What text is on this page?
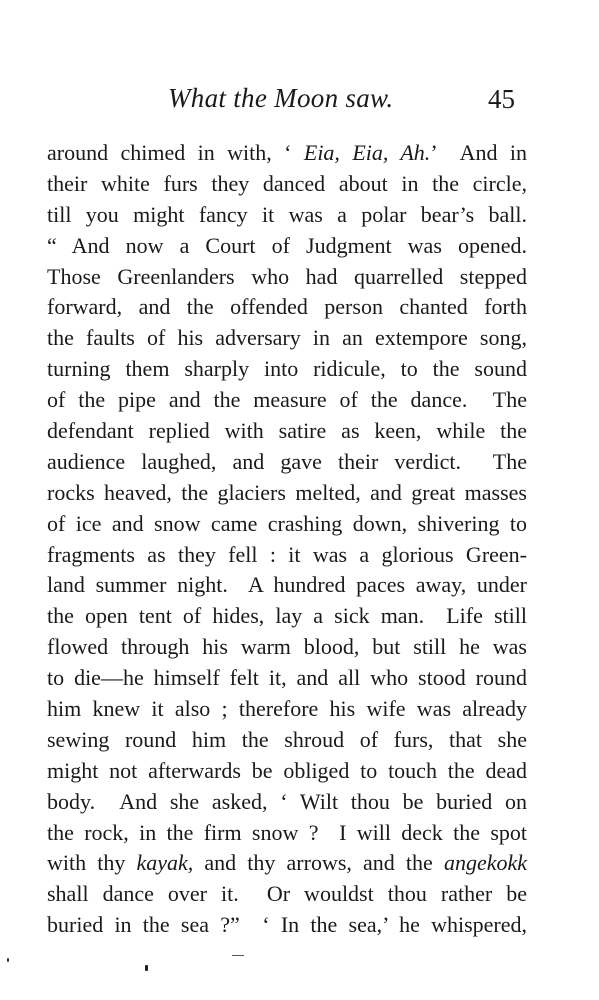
What the Moon saw.	45
around chimed in with, ‘ Eia, Eia, Ah.’  And in
their white furs they danced about in the circle,
till you might fancy it was a polar bear’s ball.
“ And now a Court of Judgment was opened.
Those Greenlanders who had quarrelled stepped
forward, and the offended person chanted forth
the faults of his adversary in an extempore song,
turning them sharply into ridicule, to the sound
of the pipe and the measure of the dance.  The
defendant replied with satire as keen, while the
audience laughed, and gave their verdict.  The
rocks heaved, the glaciers melted, and great masses
of ice and snow came crashing down, shivering to
fragments as they fell : it was a glorious Green-
land summer night.  A hundred paces away, under
the open tent of hides, lay a sick man.  Life still
flowed through his warm blood, but still he was
to die—he himself felt it, and all who stood round
him knew it also ; therefore his wife was already
sewing round him the shroud of furs, that she
might not afterwards be obliged to touch the dead
body.  And she asked, ‘ Wilt thou be buried on
the rock, in the firm snow ?  I will deck the spot
with thy kayak, and thy arrows, and the angekokk
shall dance over it.  Or wouldst thou rather be
buried in the sea ?”  ‘ In the sea,’ he whispered,
